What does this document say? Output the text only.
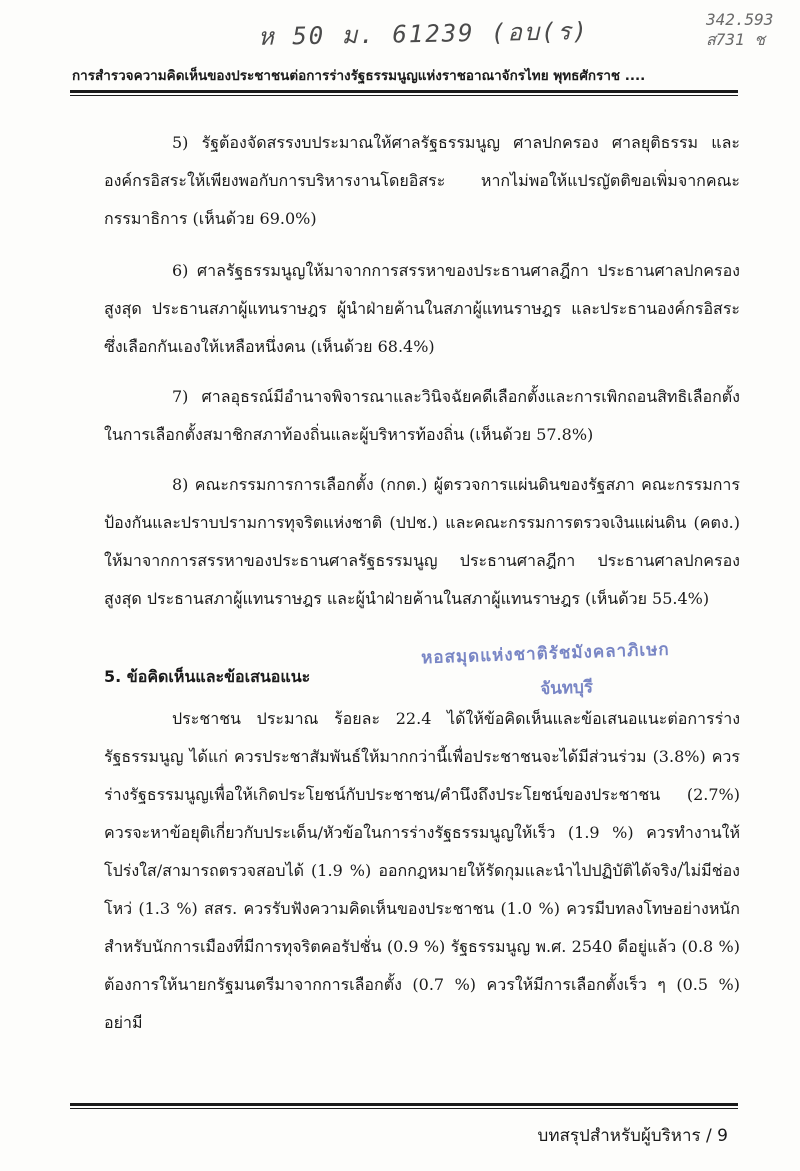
ห 50 ม. 61239 (อบ(ร)	342.593
ส731 ช
การสำรวจความคิดเห็นของประชาชนต่อการร่างรัฐธรรมนูญแห่งราชอาณาจักรไทย พุทธศักราช ....

5) รัฐต้องจัดสรรงบประมาณให้ศาลรัฐธรรมนูญ ศาลปกครอง ศาลยุติธรรม และองค์กรอิสระให้เพียงพอกับการบริหารงานโดยอิสระ หากไม่พอให้แปรญัตติขอเพิ่มจากคณะกรรมาธิการ (เห็นด้วย 69.0%)

6) ศาลรัฐธรรมนูญให้มาจากการสรรหาของประธานศาลฎีกา ประธานศาลปกครองสูงสุด ประธานสภาผู้แทนราษฎร ผู้นำฝ่ายค้านในสภาผู้แทนราษฎร และประธานองค์กรอิสระซึ่งเลือกกันเองให้เหลือหนึ่งคน (เห็นด้วย 68.4%)

7) ศาลอุธรณ์มีอำนาจพิจารณาและวินิจฉัยคดีเลือกตั้งและการเพิกถอนสิทธิเลือกตั้งในการเลือกตั้งสมาชิกสภาท้องถิ่นและผู้บริหารท้องถิ่น (เห็นด้วย 57.8%)

8) คณะกรรมการการเลือกตั้ง (กกต.) ผู้ตรวจการแผ่นดินของรัฐสภา คณะกรรมการป้องกันและปราบปรามการทุจริตแห่งชาติ (ปปช.) และคณะกรรมการตรวจเงินแผ่นดิน (คตง.) ให้มาจากการสรรหาของประธานศาลรัฐธรรมนูญ ประธานศาลฎีกา ประธานศาลปกครองสูงสุด ประธานสภาผู้แทนราษฎร และผู้นำฝ่ายค้านในสภาผู้แทนราษฎร (เห็นด้วย 55.4%)

5. ข้อคิดเห็นและข้อเสนอแนะ

ประชาชน ประมาณ ร้อยละ 22.4 ได้ให้ข้อคิดเห็นและข้อเสนอแนะต่อการร่างรัฐธรรมนูญ ได้แก่ ควรประชาสัมพันธ์ให้มากกว่านี้เพื่อประชาชนจะได้มีส่วนร่วม (3.8%) ควรร่างรัฐธรรมนูญเพื่อให้เกิดประโยชน์กับประชาชน/คำนึงถึงประโยชน์ของประชาชน (2.7%) ควรจะหาข้อยุติเกี่ยวกับประเด็น/หัวข้อในการร่างรัฐธรรมนูญให้เร็ว (1.9 %) ควรทำงานให้โปร่งใส/สามารถตรวจสอบได้ (1.9 %) ออกกฎหมายให้รัดกุมและนำไปปฏิบัติได้จริง/ไม่มีช่องโหว่ (1.3 %) สสร. ควรรับฟังความคิดเห็นของประชาชน (1.0 %) ควรมีบทลงโทษอย่างหนักสำหรับนักการเมืองที่มีการทุจริตคอรัปชั่น (0.9 %) รัฐธรรมนูญ พ.ศ. 2540 ดีอยู่แล้ว (0.8 %) ต้องการให้นายกรัฐมนตรีมาจากการเลือกตั้ง (0.7 %) ควรให้มีการเลือกตั้งเร็ว ๆ (0.5 %) อย่ามี

หอสมุดแห่งชาติรัชมังคลาภิเษก
จันทบุรี
บทสรุปสำหรับผู้บริหาร / 9
